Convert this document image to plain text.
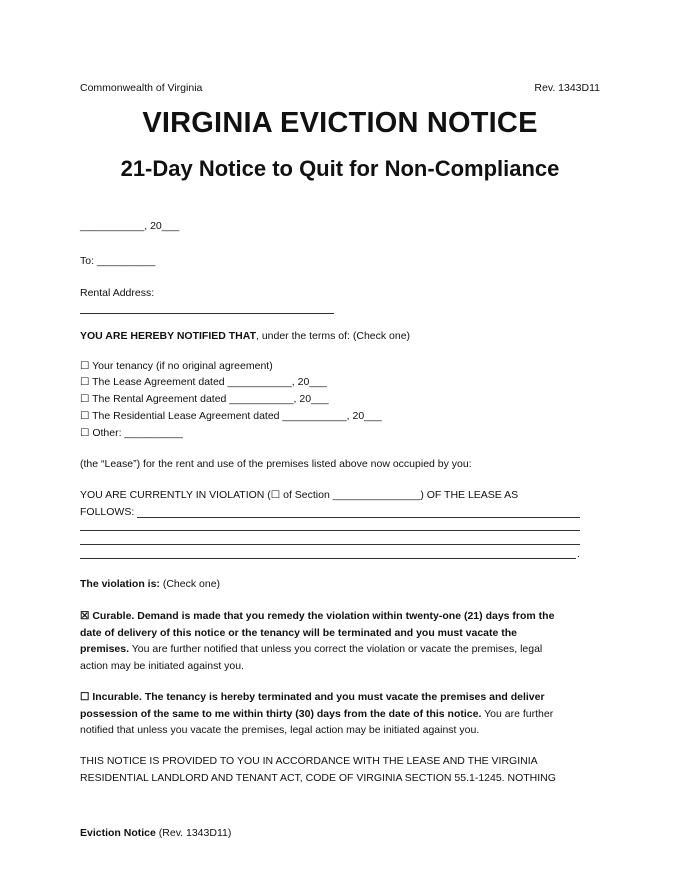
Commonwealth of Virginia	Rev. 1343D11
VIRGINIA EVICTION NOTICE
21-Day Notice to Quit for Non-Compliance
___________, 20___
To: __________
Rental Address:
YOU ARE HEREBY NOTIFIED THAT, under the terms of: (Check one)
☐ Your tenancy (if no original agreement)
☐ The Lease Agreement dated ___________, 20___
☐ The Rental Agreement dated ___________, 20___
☐ The Residential Lease Agreement dated ___________, 20___
☐ Other: __________
(the “Lease”) for the rent and use of the premises listed above now occupied by you:
YOU ARE CURRENTLY IN VIOLATION (☐ of Section _______________) OF THE LEASE AS
FOLLOWS:
.
The violation is: (Check one)
☒ Curable. Demand is made that you remedy the violation within twenty-one (21) days from the
date of delivery of this notice or the tenancy will be terminated and you must vacate the
premises. You are further notified that unless you correct the violation or vacate the premises, legal
action may be initiated against you.
☐ Incurable. The tenancy is hereby terminated and you must vacate the premises and deliver
possession of the same to me within thirty (30) days from the date of this notice. You are further
notified that unless you vacate the premises, legal action may be initiated against you.
THIS NOTICE IS PROVIDED TO YOU IN ACCORDANCE WITH THE LEASE AND THE VIRGINIA
RESIDENTIAL LANDLORD AND TENANT ACT, CODE OF VIRGINIA SECTION 55.1-1245. NOTHING
Eviction Notice (Rev. 1343D11)
